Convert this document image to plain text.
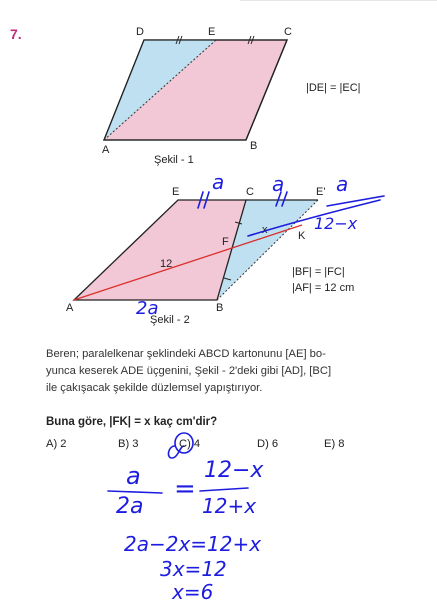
7.	D	E	C
A	B
|DE| = |EC|
Şekil - 1
E	C	E'
F	K
A	B
12
x
|BF| = |FC|
|AF| = 12 cm
Şekil - 2
a a	a
12−x
2a
Beren; paralelkenar şeklindeki ABCD kartonunu [AE] bo-
yunca keserek ADE üçgenini, Şekil - 2'deki gibi [AD], [BC]
ile çakışacak şekilde düzlemsel yapıştırıyor.
Buna göre, |FK| = x kaç cm'dir?
A) 2	B) 3	C) 4	D) 6	E) 8
a
2a
=
12−x
12+x
2a−2x=12+x
3x=12
x=6
